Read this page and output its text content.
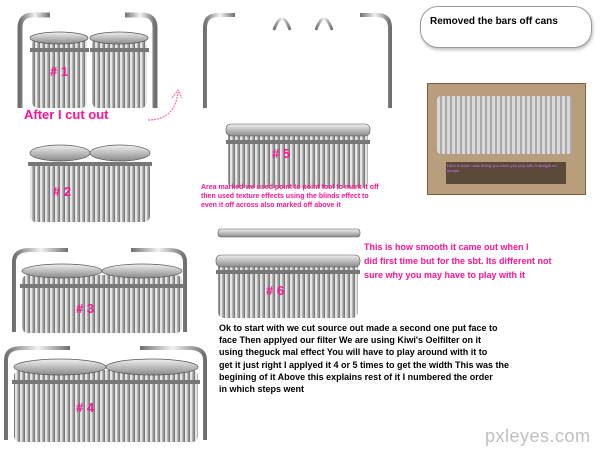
Removed the bars off cans
Here is what I was telling you when you play with it straight no bumps
# 1
# 2
# 3
# 4
# 5
# 6
After I cut out
Area marked we used point to point tool to mark it off
then used texture effects using the blinds effect to
even it off across also marked off above it
This is how smooth it came out when I
did first time but for the sbt. Its different not
sure why you may have to play with it
Ok to start with we cut source out made a second one put face to
face Then applyed our filter We are using Kiwi's Oelfilter on it
using theguck mal effect You will have to play around with it to
get it just right I applyed it 4 or 5 times to get the width This was the
begining of it Above this explains rest of it I numbered the order
in which steps went
pxleyes.com
